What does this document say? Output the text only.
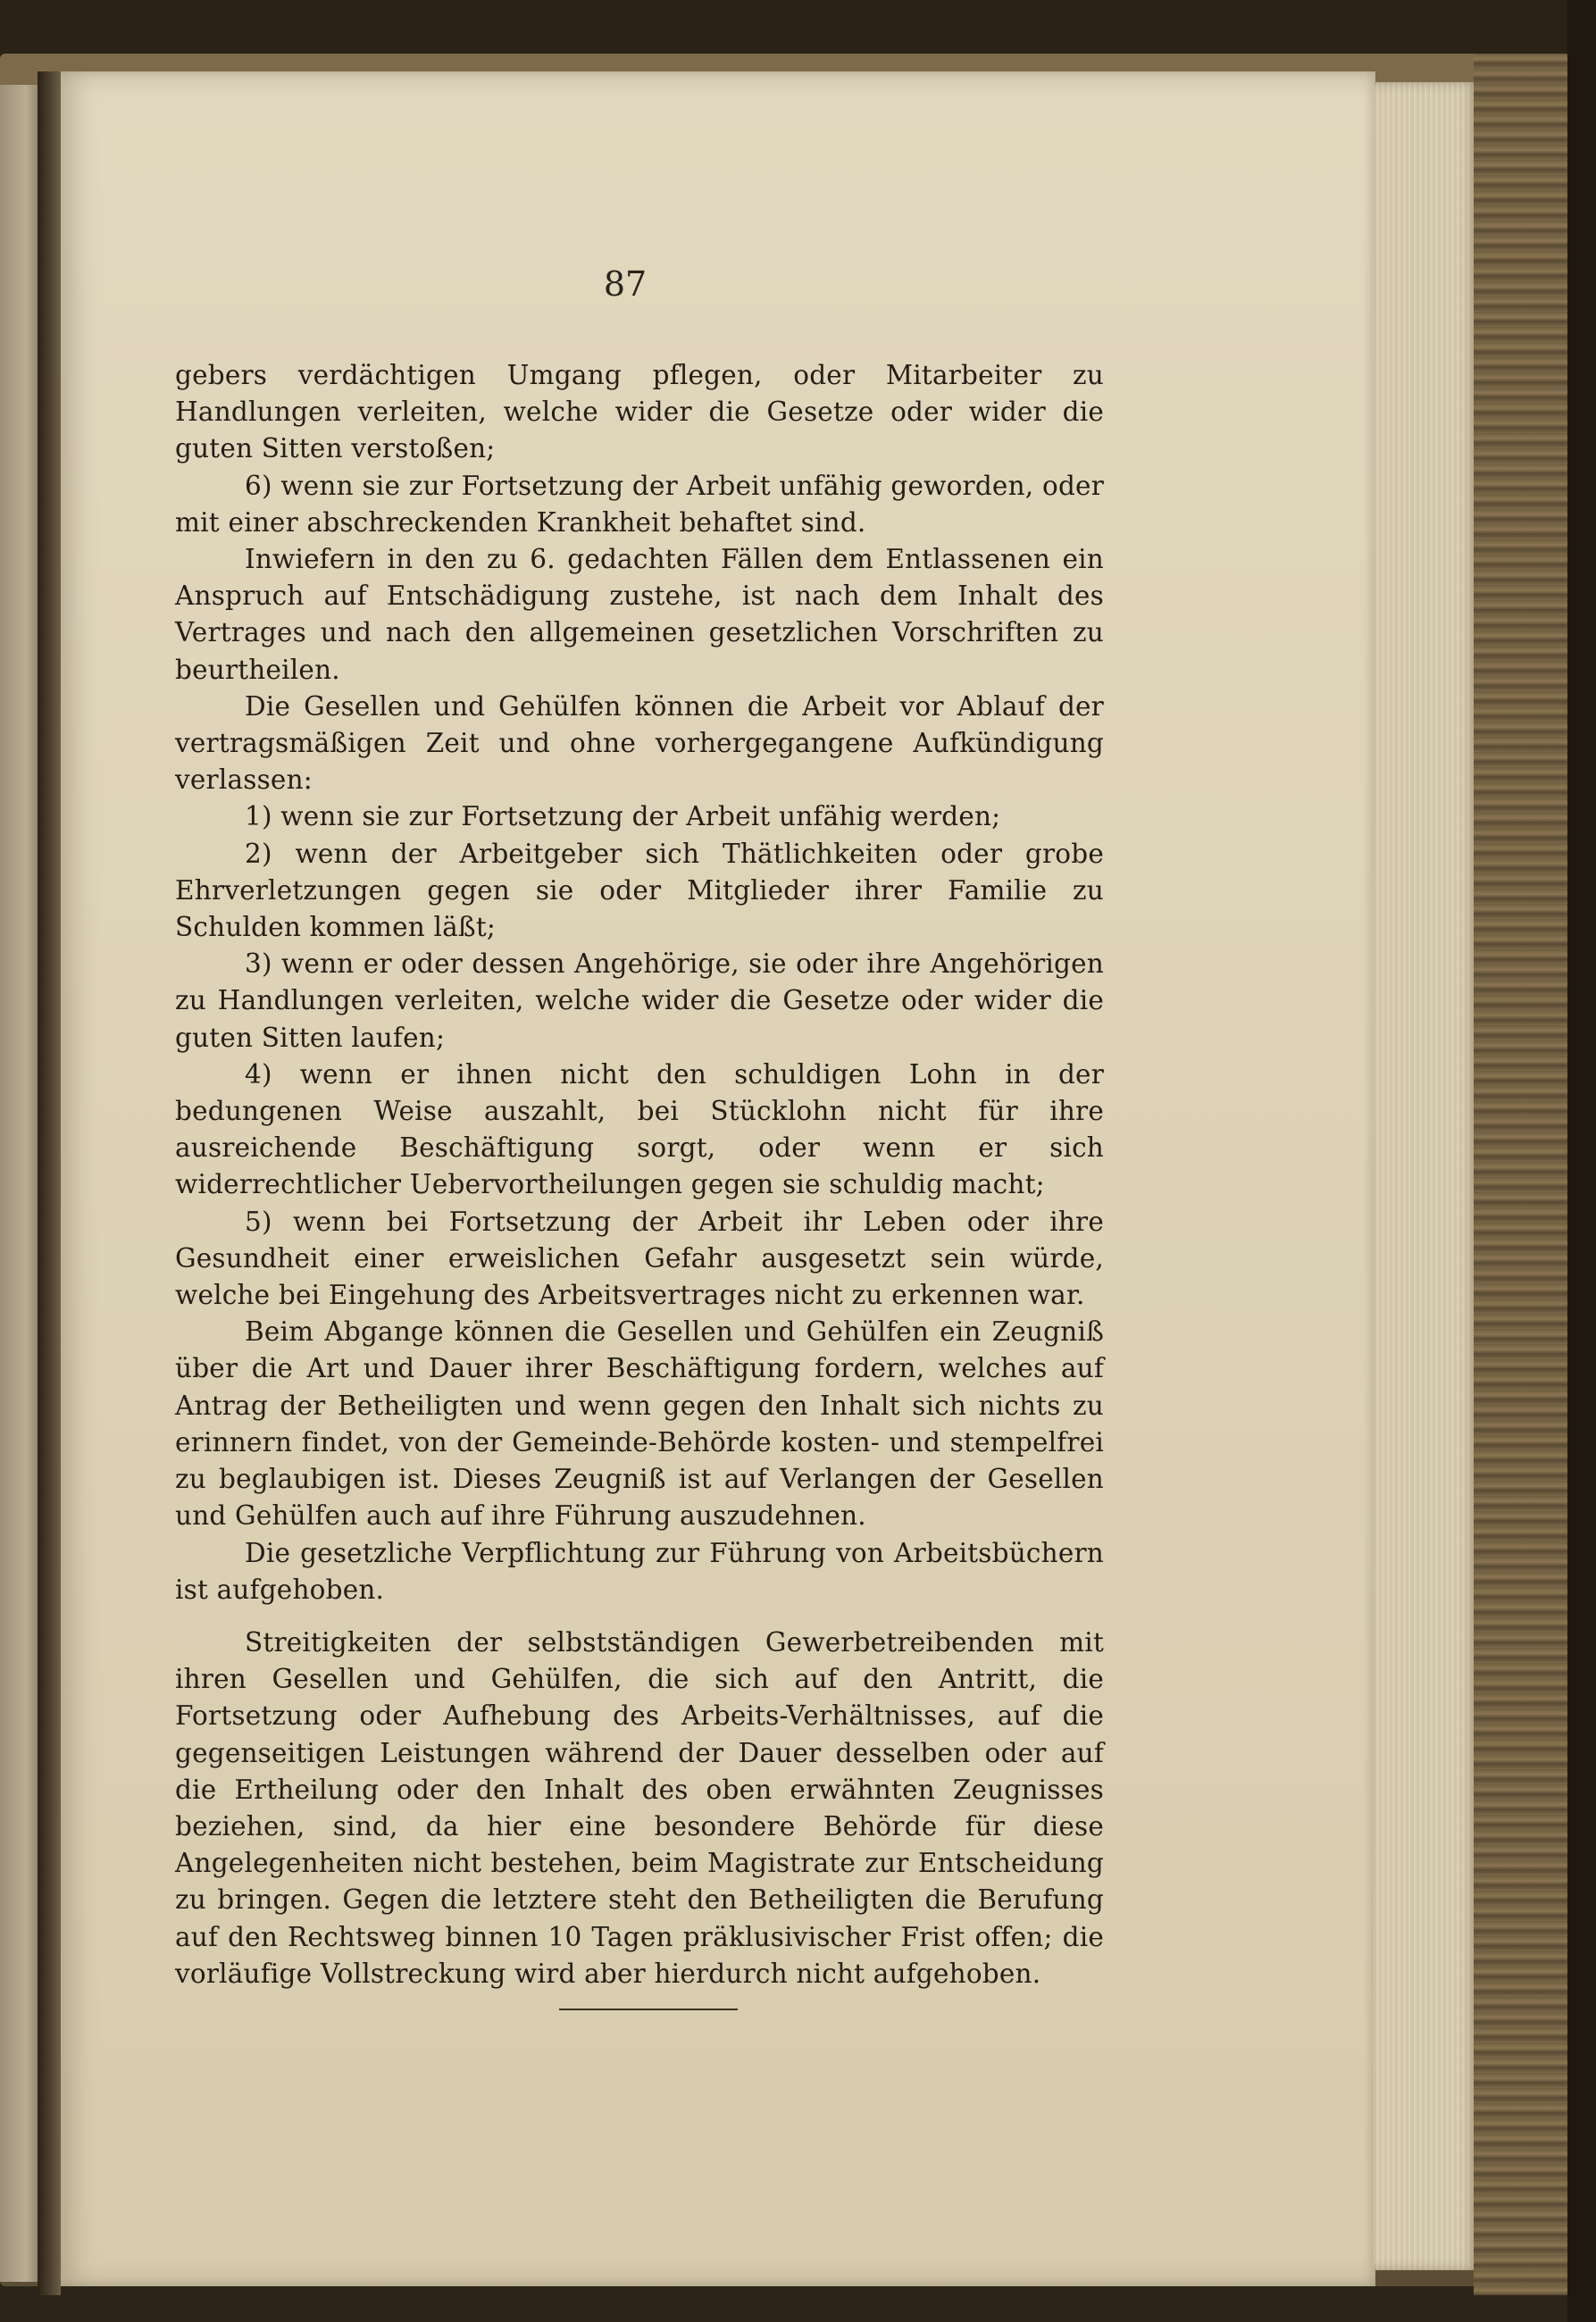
87

gebers verdächtigen Umgang pflegen, oder Mitarbeiter zu Handlungen verleiten, welche wider die Gesetze oder wider die guten Sitten verstoßen;

6) wenn sie zur Fortsetzung der Arbeit unfähig geworden, oder mit einer abschreckenden Krankheit behaftet sind.

Inwiefern in den zu 6. gedachten Fällen dem Entlassenen ein Anspruch auf Entschädigung zustehe, ist nach dem Inhalt des Vertrages und nach den allgemeinen gesetzlichen Vorschriften zu beurtheilen.

Die Gesellen und Gehülfen können die Arbeit vor Ablauf der vertragsmäßigen Zeit und ohne vorhergegangene Aufkündigung verlassen:

1) wenn sie zur Fortsetzung der Arbeit unfähig werden;

2) wenn der Arbeitgeber sich Thätlichkeiten oder grobe Ehrverletzungen gegen sie oder Mitglieder ihrer Familie zu Schulden kommen läßt;

3) wenn er oder dessen Angehörige, sie oder ihre Angehörigen zu Handlungen verleiten, welche wider die Gesetze oder wider die guten Sitten laufen;

4) wenn er ihnen nicht den schuldigen Lohn in der bedungenen Weise auszahlt, bei Stücklohn nicht für ihre ausreichende Beschäftigung sorgt, oder wenn er sich widerrechtlicher Uebervortheilungen gegen sie schuldig macht;

5) wenn bei Fortsetzung der Arbeit ihr Leben oder ihre Gesundheit einer erweislichen Gefahr ausgesetzt sein würde, welche bei Eingehung des Arbeitsvertrages nicht zu erkennen war.

Beim Abgange können die Gesellen und Gehülfen ein Zeugniß über die Art und Dauer ihrer Beschäftigung fordern, welches auf Antrag der Betheiligten und wenn gegen den Inhalt sich nichts zu erinnern findet, von der Gemeinde-Behörde kosten- und stempelfrei zu beglaubigen ist. Dieses Zeugniß ist auf Verlangen der Gesellen und Gehülfen auch auf ihre Führung auszudehnen.

Die gesetzliche Verpflichtung zur Führung von Arbeitsbüchern ist aufgehoben.

Streitigkeiten der selbstständigen Gewerbetreibenden mit ihren Gesellen und Gehülfen, die sich auf den Antritt, die Fortsetzung oder Aufhebung des Arbeits-Verhältnisses, auf die gegenseitigen Leistungen während der Dauer desselben oder auf die Ertheilung oder den Inhalt des oben erwähnten Zeugnisses beziehen, sind, da hier eine besondere Behörde für diese Angelegenheiten nicht bestehen, beim Magistrate zur Entscheidung zu bringen. Gegen die letztere steht den Betheiligten die Berufung auf den Rechtsweg binnen 10 Tagen präklusivischer Frist offen; die vorläufige Vollstreckung wird aber hierdurch nicht aufgehoben.
